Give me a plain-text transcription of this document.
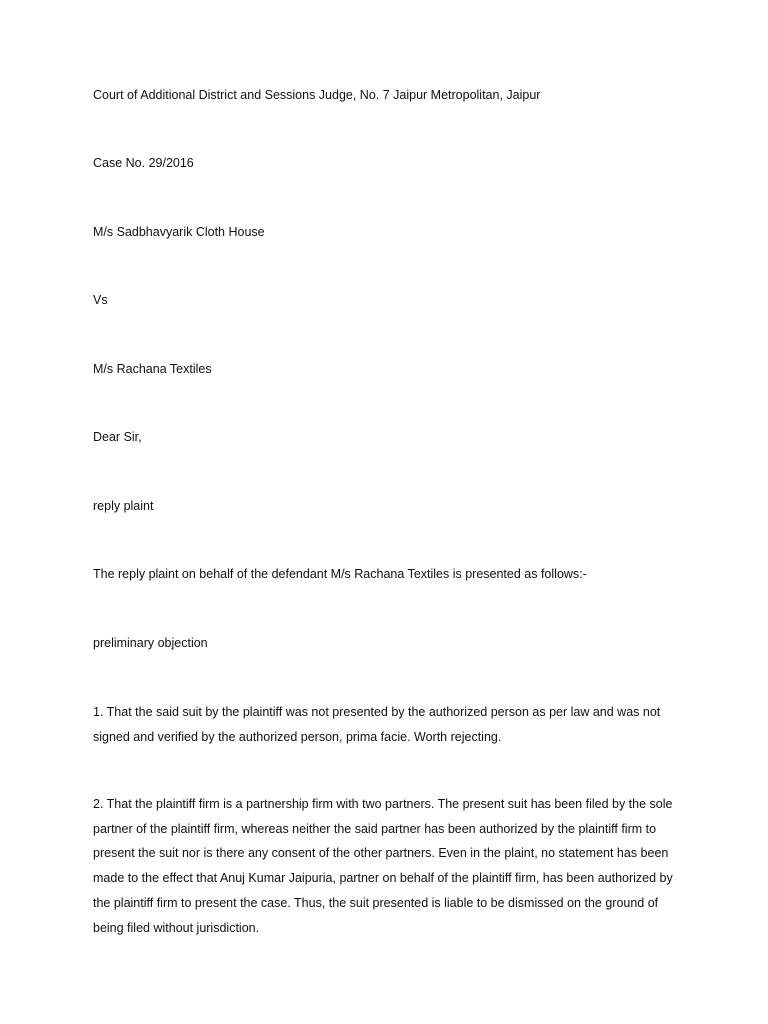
Court of Additional District and Sessions Judge, No. 7 Jaipur Metropolitan, Jaipur
Case No. 29/2016
M/s Sadbhavyarik Cloth House
Vs
M/s Rachana Textiles
Dear Sir,
reply plaint
The reply plaint on behalf of the defendant M/s Rachana Textiles is presented as follows:-
preliminary objection
1. That the said suit by the plaintiff was not presented by the authorized person as per law and was not signed and verified by the authorized person, prima facie. Worth rejecting.
2. That the plaintiff firm is a partnership firm with two partners. The present suit has been filed by the sole partner of the plaintiff firm, whereas neither the said partner has been authorized by the plaintiff firm to present the suit nor is there any consent of the other partners. Even in the plaint, no statement has been made to the effect that Anuj Kumar Jaipuria, partner on behalf of the plaintiff firm, has been authorized by the plaintiff firm to present the case. Thus, the suit presented is liable to be dismissed on the ground of being filed without jurisdiction.
